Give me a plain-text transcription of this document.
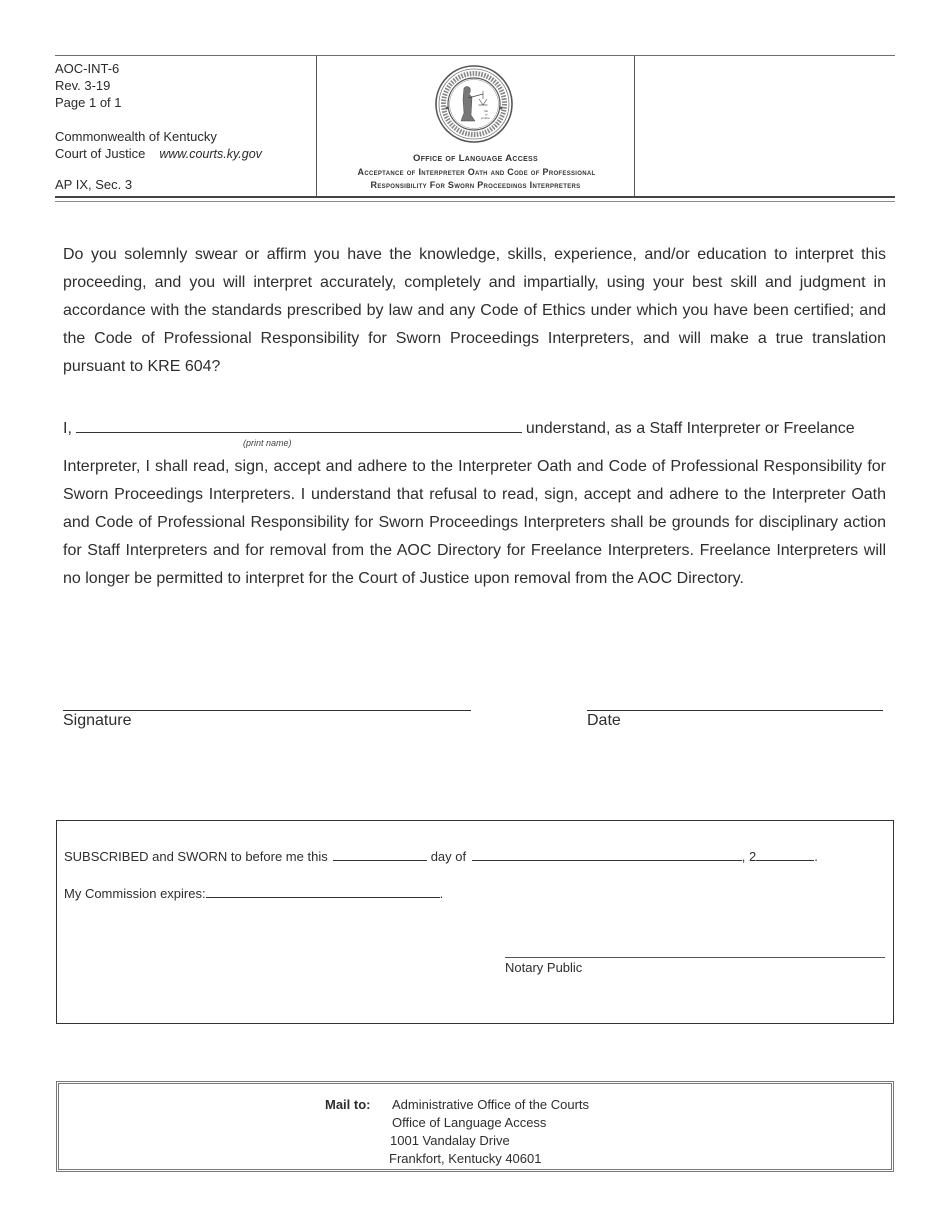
AOC-INT-6
Rev. 3-19
Page 1 of 1
Commonwealth of Kentucky
Court of Justice www.courts.ky.gov
AP IX, Sec. 3
fiat
et
justitia
Office of Language Access
Acceptance of Interpreter Oath and Code of Professional
Responsibility For Sworn Proceedings Interpreters
Do you solemnly swear or affirm you have the knowledge, skills, experience, and/or education to interpret this proceeding, and you will interpret accurately, completely and impartially, using your best skill and judgment in accordance with the standards prescribed by law and any Code of Ethics under which you have been certified; and the Code of Professional Responsibility for Sworn Proceedings Interpreters, and will make a true translation pursuant to KRE 604?
I,	understand, as a Staff Interpreter or Freelance
(print name)
Interpreter, I shall read, sign, accept and adhere to the Interpreter Oath and Code of Professional Responsibility for Sworn Proceedings Interpreters. I understand that refusal to read, sign, accept and adhere to the Interpreter Oath and Code of Professional Responsibility for Sworn Proceedings Interpreters shall be grounds for disciplinary action for Staff Interpreters and for removal from the AOC Directory for Freelance Interpreters. Freelance Interpreters will no longer be permitted to interpret for the Court of Justice upon removal from the AOC Directory.
Signature	Date
SUBSCRIBED and SWORN to before me this	day of	, 2	.
My Commission expires:	.
Notary Public
Mail to: Administrative Office of the Courts
Office of Language Access
1001 Vandalay Drive
Frankfort, Kentucky 40601
